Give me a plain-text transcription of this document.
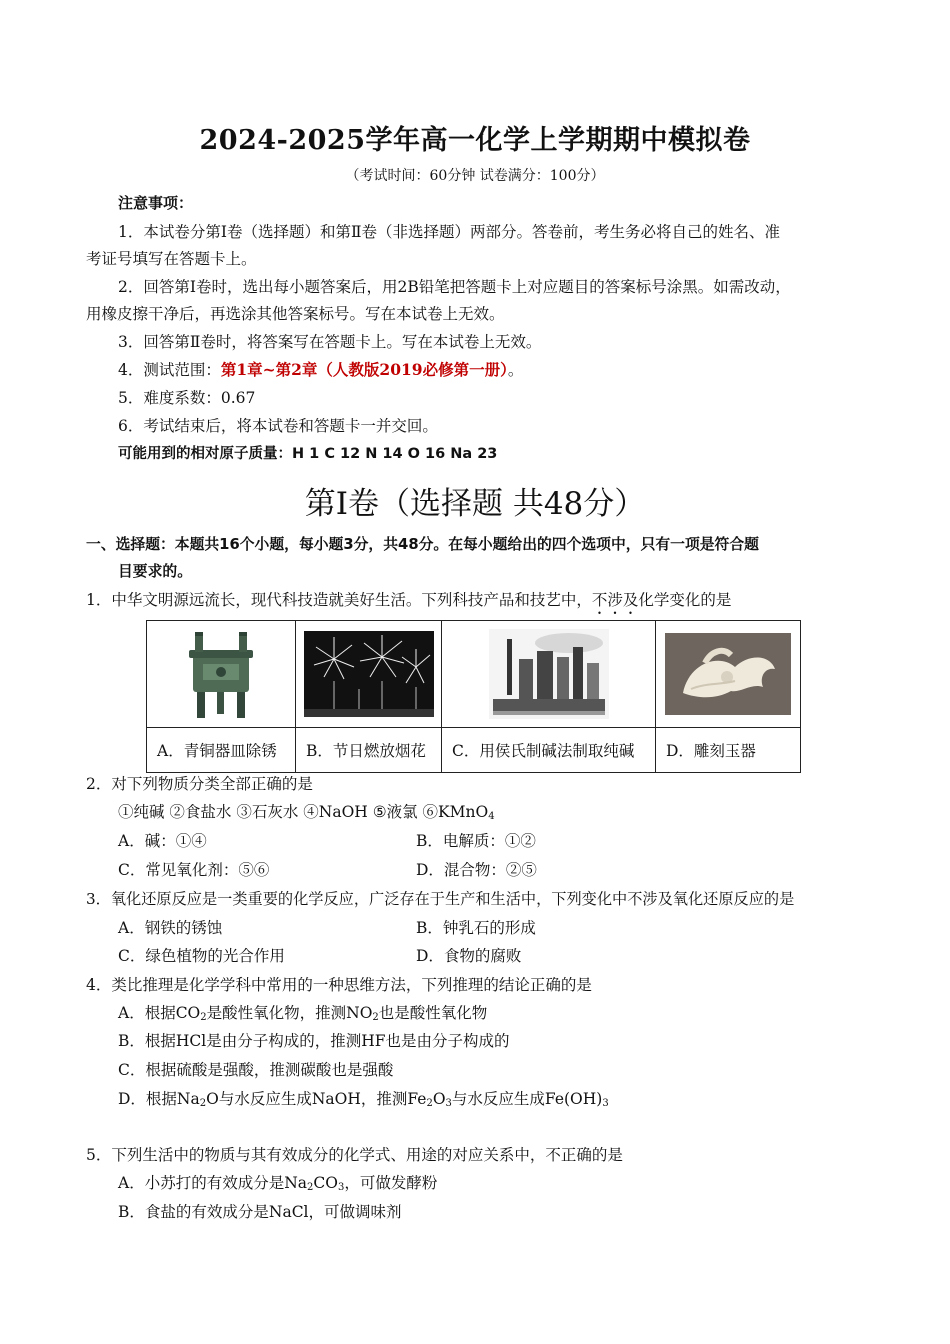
2024-2025学年高一化学上学期期中模拟卷
（考试时间：60分钟 试卷满分：100分）
注意事项：
1．本试卷分第Ⅰ卷（选择题）和第Ⅱ卷（非选择题）两部分。答卷前，考生务必将自己的姓名、准
考证号填写在答题卡上。
2．回答第Ⅰ卷时，选出每小题答案后，用2B铅笔把答题卡上对应题目的答案标号涂黑。如需改动，
用橡皮擦干净后，再选涂其他答案标号。写在本试卷上无效。
3．回答第Ⅱ卷时，将答案写在答题卡上。写在本试卷上无效。
4．测试范围：第1章~第2章（人教版2019必修第一册）。
5．难度系数：0.67
6．考试结束后，将本试卷和答题卡一并交回。
可能用到的相对原子质量：H 1 C 12 N 14 O 16 Na 23
第Ⅰ卷（选择题 共48分）
一、选择题：本题共16个小题，每小题3分，共48分。在每小题给出的四个选项中，只有一项是符合题
目要求的。
1．中华文明源远流长，现代科技造就美好生活。下列科技产品和技艺中，不涉及化学变化的是

A．青铜器皿除锈	B．节日燃放烟花	C．用侯氏制碱法制取纯碱	D．雕刻玉器
2．对下列物质分类全部正确的是
①纯碱 ②食盐水 ③石灰水 ④NaOH ⑤液氯 ⑥KMnO$_4$
A．碱：①④	B．电解质：①②
C．常见氧化剂：⑤⑥	D．混合物：②⑤
3．氧化还原反应是一类重要的化学反应，广泛存在于生产和生活中，下列变化中不涉及氧化还原反应的是
A．钢铁的锈蚀	B．钟乳石的形成
C．绿色植物的光合作用	D．食物的腐败
4．类比推理是化学学科中常用的一种思维方法，下列推理的结论正确的是
A．根据$CO_2$是酸性氧化物，推测$NO_2$也是酸性氧化物
B．根据HCl是由分子构成的，推测HF也是由分子构成的
C．根据硫酸是强酸，推测碳酸也是强酸
D．根据$Na_2O$与水反应生成NaOH，推测$Fe_2O_3$与水反应生成$Fe(OH)_3$
5．下列生活中的物质与其有效成分的化学式、用途的对应关系中，不正确的是
A．小苏打的有效成分是$Na_2CO_3$，可做发酵粉
B．食盐的有效成分是NaCl，可做调味剂
